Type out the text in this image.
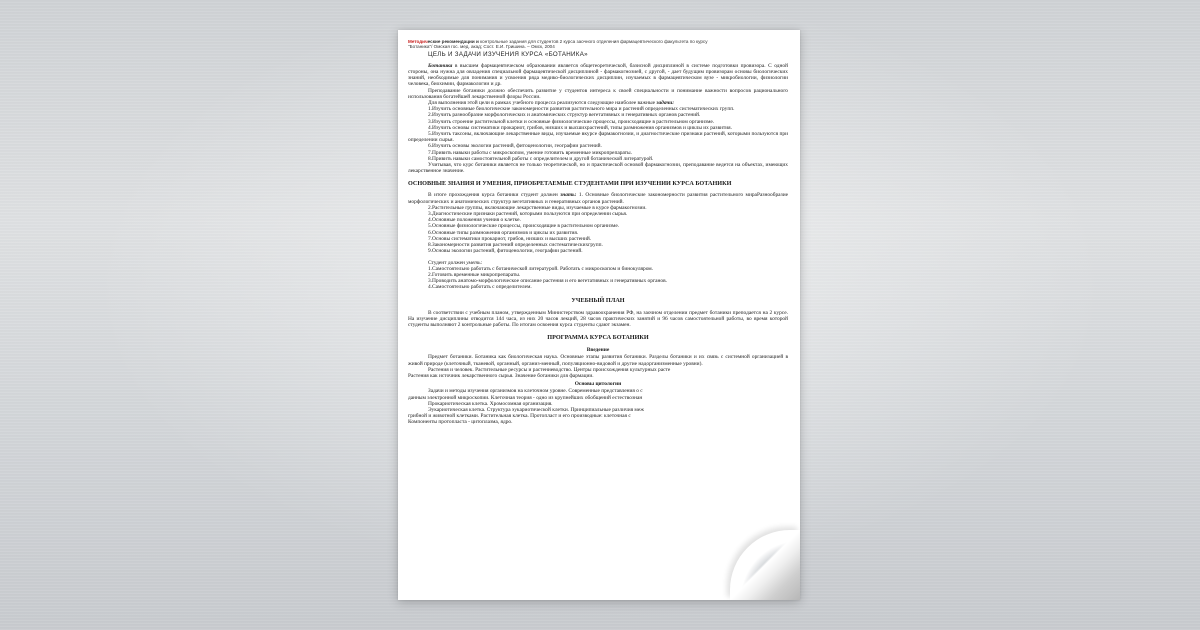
Методические рекомендации и контрольные задания для студентов 2 курса заочного отделения фармацевтического факультета по курсу

"Ботаника"/ Омская гос. мед. акад; Сост. Е.И. Гришина. – Омск, 2004

ЦЕЛЬ И ЗАДАЧИ ИЗУЧЕНИЯ КУРСА «БОТАНИКА»

Ботаника в высшем фармацевтическом образовании является общетеоретической, базисной дисциплиной в системе подготовки провизора. С одной стороны, она нужна для овладения специальной фармацевтической дисциплиной - фармакогнозией, с другой, - дает будущим провизорам основы биологических знаний, необходимые для понимания и усвоения ряда медико-биологических дисциплин, изучаемых в фармацевтическом вузе - микробиологии, физиологии человека, биохимии, фармакологии и др.

Преподавание ботаники должно обеспечить развитие у студентов интереса к своей специальности и понимание важности вопросов рационального использования богатейшей лекарственной флоры России.

Для выполнения этой цели в рамках учебного процесса реализуются следующие наиболее важные задачи:

1.Изучить основные биологические закономерности развития растительного мира и растений определенных систематических групп.

2.Изучить разнообразие морфологических и анатомических структур вегетативных и генеративных органов растений.

3.Изучить строение растительной клетки и основные физиологические процессы, происходящие в растительном организме.

4.Изучить основы систематики прокариот, грибов, низших и высшихрастений, типы размножения организмов и циклы их развития.

5.Изучить таксоны, включающие лекарственные виды, изучаемые вкурсе фармакогнозии, и диагностические признаки растений, которыми пользуются при определении сырья.

6.Изучить основы экологии растений, фитоценологии, географии растений.

7.Привить навыки работы с микроскопом, умение готовить временные микропрепараты.

8.Привить навыки самостоятельной работы с определителем и другой ботанической литературой.

Учитывая, что курс ботаники является не только теоретической, но и практической основой фармакогнозии, преподавание ведется на объектах, имеющих лекарственное значение.

ОСНОВНЫЕ ЗНАНИЯ И УМЕНИЯ, ПРИОБРЕТАЕМЫЕ СТУДЕНТАМИ ПРИ ИЗУЧЕНИИ КУРСА БОТАНИКИ

В итоге прохождения курса ботаники студент должен знать: 1. Основные биологические закономерности развития растительного мираРазнообразие морфологических и анатомических структур вегетативных и генеративных органов растений.

2.Растительные группы, включающие лекарственные виды, изучаемые в курсе фармакогнозии.

3.Диагностические признаки растений, которыми пользуются при определении сырья.

4.Основные положения учения о клетке.

5.Основные физиологические процессы, происходящие в растительном организме.

6.Основные типы размножения организмов и циклы их развития.

7.Основы систематики прокариот, грибов, низших и высших растений.

8.Закономерности развития растений определенных систематическихгрупп.

9.Основы экологии растений, фитоценологии, географии растений.

Студент должен уметь:

1.Самостоятельно работать с ботанической литературой. Работать с микроскопом и бинокуляром.

2.Готовить временные микропрепараты.

3.Проводить анатомо-морфологическое описание растения и его вегетативных и генеративных органов.

4.Самостоятельно работать с определителем.

УЧЕБНЫЙ ПЛАН

В соответствии с учебным планом, утвержденным Министерством здравоохранения РФ, на заочном отделении предмет ботаники преподается на 2 курсе. На изучение дисциплины отводится 144 часа, из них 20 часов лекций, 28 часов практических занятий и 96 часов самостоятельной работы, во время которой студенты выполняют 2 контрольные работы. По итогам освоения курса студенты сдают экзамен.

ПРОГРАММА КУРСА БОТАНИКИ

Введение

Предмет ботаники. Ботаника как биологическая наука. Основные этапы развития ботаники. Разделы ботаники и их связь с системной организацией в живой природе (клеточный, тканевой, органный, организ-менный, популяционно-видовой и другие надорганизменные уровни).

Растения и человек. Растительные ресурсы и растениеводство. Центры происхождения культурных расте

Растения как источник лекарственного сырья. Значение ботаники для фармации.

Основы цитологии

Задачи и методы изучения организмов на клеточном уровне. Современные представления о с

данным электронной микроскопии. Клеточная теория - одно из крупнейших обобщений естествознан

Прокариотическая клетка. Хромосомная организация.

Эукариотическая клетка. Структура эукариотической клетки. Принципиальные различия меж

грибной и животной клетками. Растительная клетка. Протопласт и его производные: клеточная с

Компоненты протопласта - цитоплазма, ядро.
